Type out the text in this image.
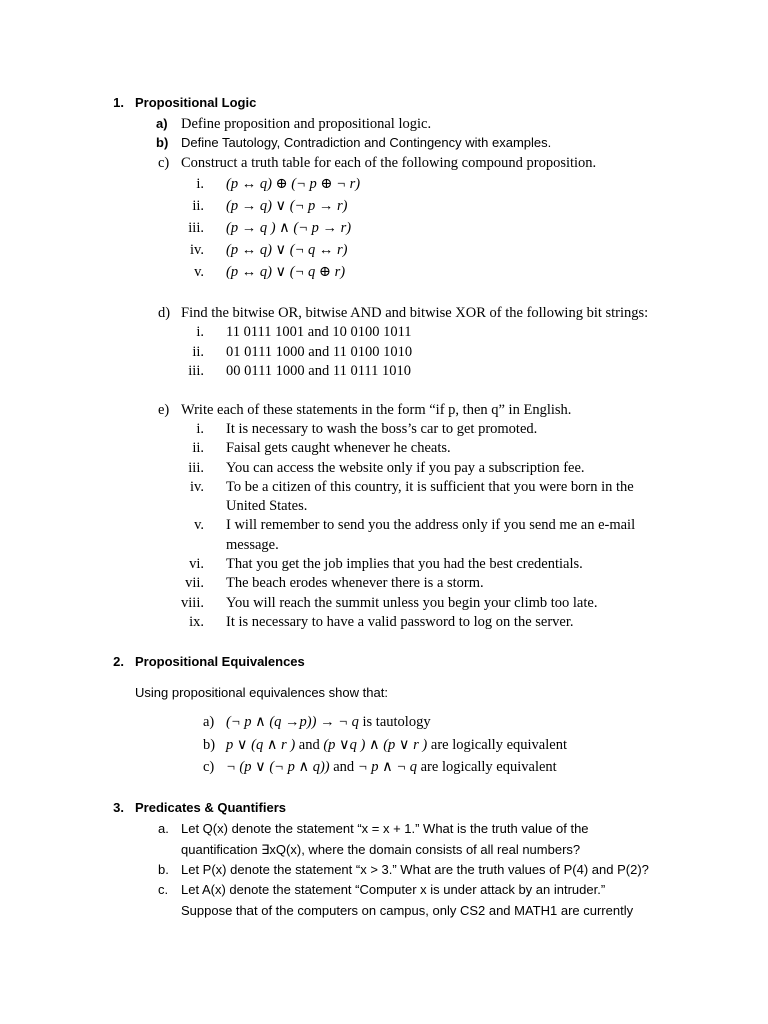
1. Propositional Logic
a) Define proposition and propositional logic.
b) Define Tautology, Contradiction and Contingency with examples.
c) Construct a truth table for each of the following compound proposition.
i. (p ↔ q) ⊕ (¬ p ⊕ ¬ r)
ii. (p → q) ∨ (¬ p → r)
iii. (p → q ) ∧ (¬ p → r)
iv. (p ↔ q) ∨ (¬ q ↔ r)
v. (p ↔ q) ∨ (¬ q ⊕ r)
d) Find the bitwise OR, bitwise AND and bitwise XOR of the following bit strings:
i. 11 0111 1001 and 10 0100 1011
ii. 01 0111 1000 and 11 0100 1010
iii. 00 0111 1000 and 11 0111 1010
e) Write each of these statements in the form “if p, then q” in English.
i. It is necessary to wash the boss’s car to get promoted.
ii. Faisal gets caught whenever he cheats.
iii. You can access the website only if you pay a subscription fee.
iv. To be a citizen of this country, it is sufficient that you were born in the
United States.
v. I will remember to send you the address only if you send me an e-mail
message.
vi. That you get the job implies that you had the best credentials.
vii. The beach erodes whenever there is a storm.
viii. You will reach the summit unless you begin your climb too late.
ix. It is necessary to have a valid password to log on the server.
2. Propositional Equivalences
Using propositional equivalences show that:
a) (¬ p ∧ (q →p)) → ¬ q is tautology
b) p ∨ (q ∧ r ) and (p ∨q ) ∧ (p ∨ r ) are logically equivalent
c) ¬ (p ∨ (¬ p ∧ q)) and ¬ p ∧ ¬ q are logically equivalent
3. Predicates & Quantifiers
a. Let Q(x) denote the statement “x = x + 1.” What is the truth value of the
quantification ∃xQ(x), where the domain consists of all real numbers?
b. Let P(x) denote the statement “x > 3.” What are the truth values of P(4) and P(2)?
c. Let A(x) denote the statement “Computer x is under attack by an intruder.”
Suppose that of the computers on campus, only CS2 and MATH1 are currently
